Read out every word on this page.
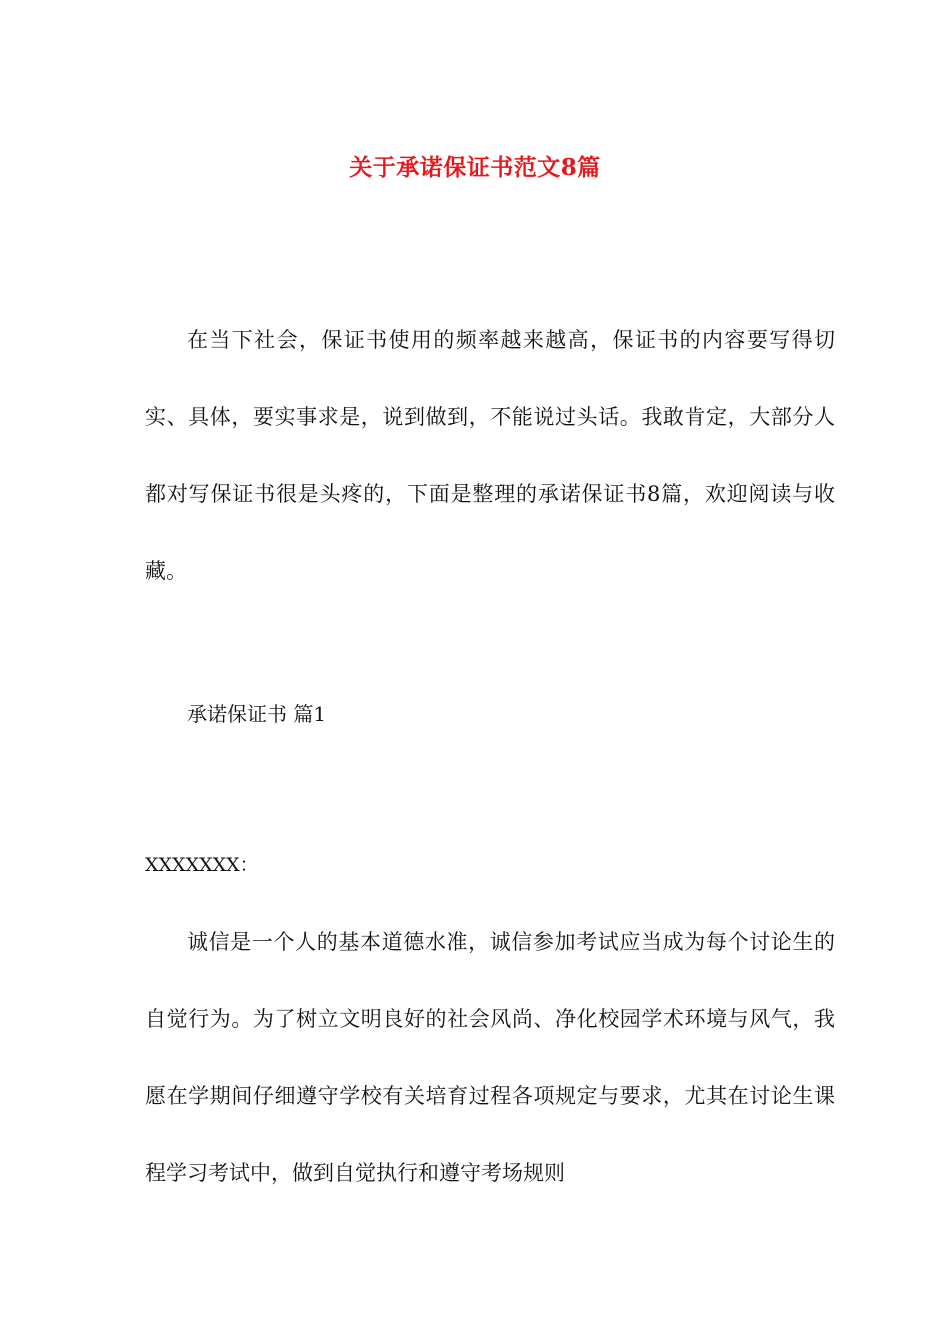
关于承诺保证书范文8篇

在当下社会，保证书使用的频率越来越高，保证书的内容要写得切实、具体，要实事求是，说到做到，不能说过头话。我敢肯定，大部分人都对写保证书很是头疼的，下面是整理的承诺保证书8篇，欢迎阅读与收藏。

承诺保证书 篇1

XXXXXXX：

诚信是一个人的基本道德水准，诚信参加考试应当成为每个讨论生的自觉行为。为了树立文明良好的社会风尚、净化校园学术环境与风气，我愿在学期间仔细遵守学校有关培育过程各项规定与要求，尤其在讨论生课程学习考试中，做到自觉执行和遵守考场规则
